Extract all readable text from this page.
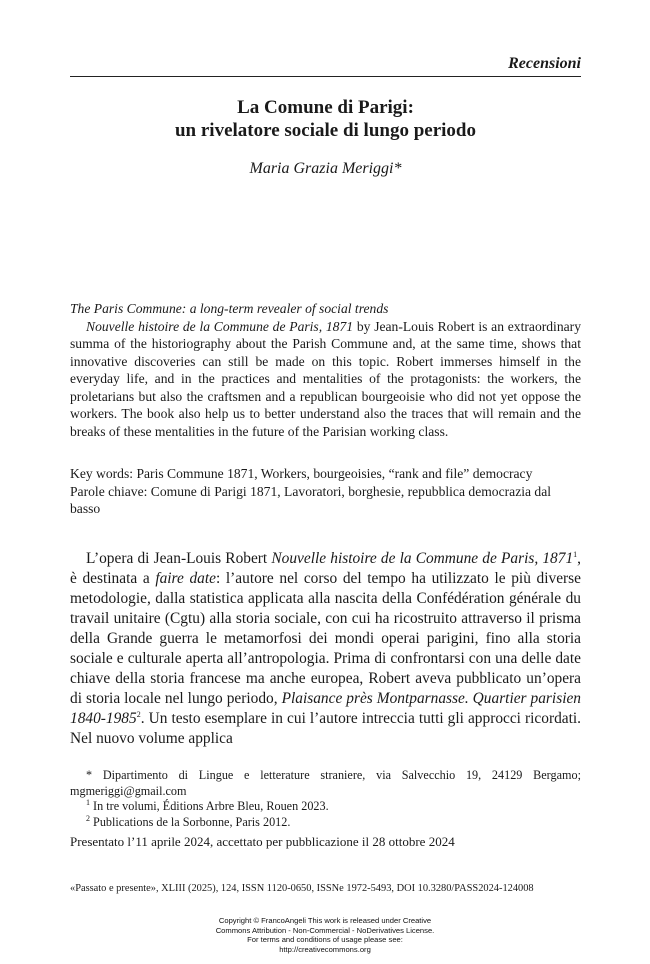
Recensioni
La Comune di Parigi:
un rivelatore sociale di lungo periodo
Maria Grazia Meriggi*
The Paris Commune: a long-term revealer of social trends
Nouvelle histoire de la Commune de Paris, 1871 by Jean-Louis Robert is an extraordinary summa of the historiography about the Parish Commune and, at the same time, shows that innovative discoveries can still be made on this topic. Robert immerses himself in the everyday life, and in the practices and mentalities of the protagonists: the workers, the proletarians but also the craftsmen and a republican bourgeoisie who did not yet oppose the workers. The book also help us to better understand also the traces that will remain and the breaks of these mentalities in the future of the Parisian working class.
Key words: Paris Commune 1871, Workers, bourgeoisies, “rank and file” democracy
Parole chiave: Comune di Parigi 1871, Lavoratori, borghesie, repubblica democrazia dal basso

L’opera di Jean-Louis Robert Nouvelle histoire de la Commune de Paris, 1871$^1$, è destinata a faire date: l’autore nel corso del tempo ha utilizzato le più diverse metodologie, dalla statistica applicata alla nascita della Confédération générale du travail unitaire (Cgtu) alla storia sociale, con cui ha ricostruito attraverso il prisma della Grande guerra le metamorfosi dei mondi operai parigini, fino alla storia sociale e culturale aperta all’antropologia. Prima di confrontarsi con una delle date chiave della storia francese ma anche europea, Robert aveva pubblicato un’opera di storia locale nel lungo periodo, Plaisance près Montparnasse. Quartier parisien 1840-1985$^2$. Un testo esemplare in cui l’autore intreccia tutti gli approcci ricordati. Nel nuovo volume applica

* Dipartimento di Lingue e letterature straniere, via Salvecchio 19, 24129 Bergamo; mgmeriggi@gmail.com
$^1$ In tre volumi, Éditions Arbre Bleu, Rouen 2023.
$^2$ Publications de la Sorbonne, Paris 2012.
Presentato l’11 aprile 2024, accettato per pubblicazione il 28 ottobre 2024
«Passato e presente», XLIII (2025), 124, ISSN 1120-0650, ISSNe 1972-5493, DOI 10.3280/PASS2024-124008
Copyright © FrancoAngeli This work is released under Creative
Commons Attribution - Non-Commercial - NoDerivatives License.
For terms and conditions of usage please see:
http://creativecommons.org
